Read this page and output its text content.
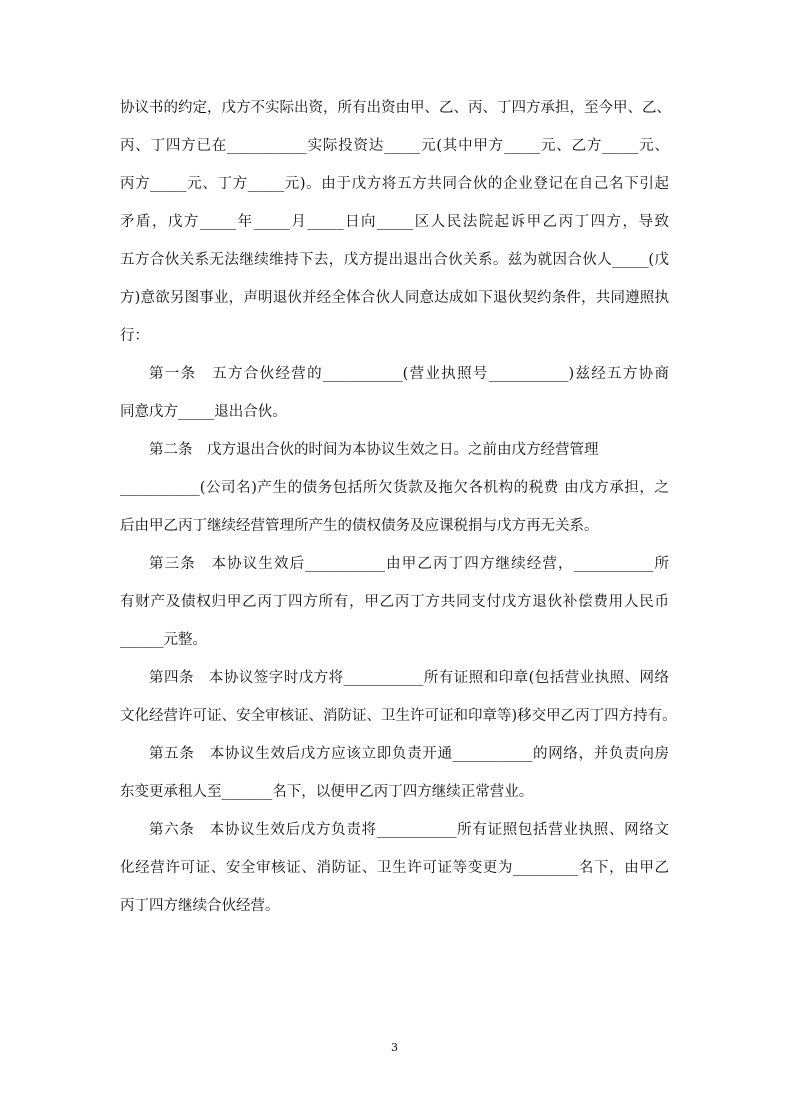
协议书的约定，戊方不实际出资，所有出资由甲、乙、丙、丁四方承担，至今甲、乙、
丙、丁四方已在___________实际投资达_____元(其中甲方_____元、乙方_____元、
丙方_____元、丁方_____元)。由于戊方将五方共同合伙的企业登记在自己名下引起
矛盾，戊方_____年_____月_____日向_____区人民法院起诉甲乙丙丁四方，导致
五方合伙关系无法继续维持下去，戊方提出退出合伙关系。兹为就因合伙人_____(戊
方)意欲另图事业，声明退伙并经全体合伙人同意达成如下退伙契约条件，共同遵照执
行：
第一条　五方合伙经营的___________(营业执照号___________)兹经五方协商
同意戊方_____退出合伙。
第二条　戊方退出合伙的时间为本协议生效之日。之前由戊方经营管理
___________(公司名)产生的债务包括所欠货款及拖欠各机构的税费 由戊方承担，之
后由甲乙丙丁继续经营管理所产生的债权债务及应课税捐与戊方再无关系。
第三条　本协议生效后___________由甲乙丙丁四方继续经营，___________所
有财产及债权归甲乙丙丁四方所有，甲乙丙丁方共同支付戊方退伙补偿费用人民币
______元整。
第四条　本协议签字时戊方将___________所有证照和印章(包括营业执照、网络
文化经营许可证、安全审核证、消防证、卫生许可证和印章等)移交甲乙丙丁四方持有。
第五条　本协议生效后戊方应该立即负责开通___________的网络，并负责向房
东变更承租人至_______名下，以便甲乙丙丁四方继续正常营业。
第六条　本协议生效后戊方负责将___________所有证照包括营业执照、网络文
化经营许可证、安全审核证、消防证、卫生许可证等变更为_________名下，由甲乙
丙丁四方继续合伙经营。
3
